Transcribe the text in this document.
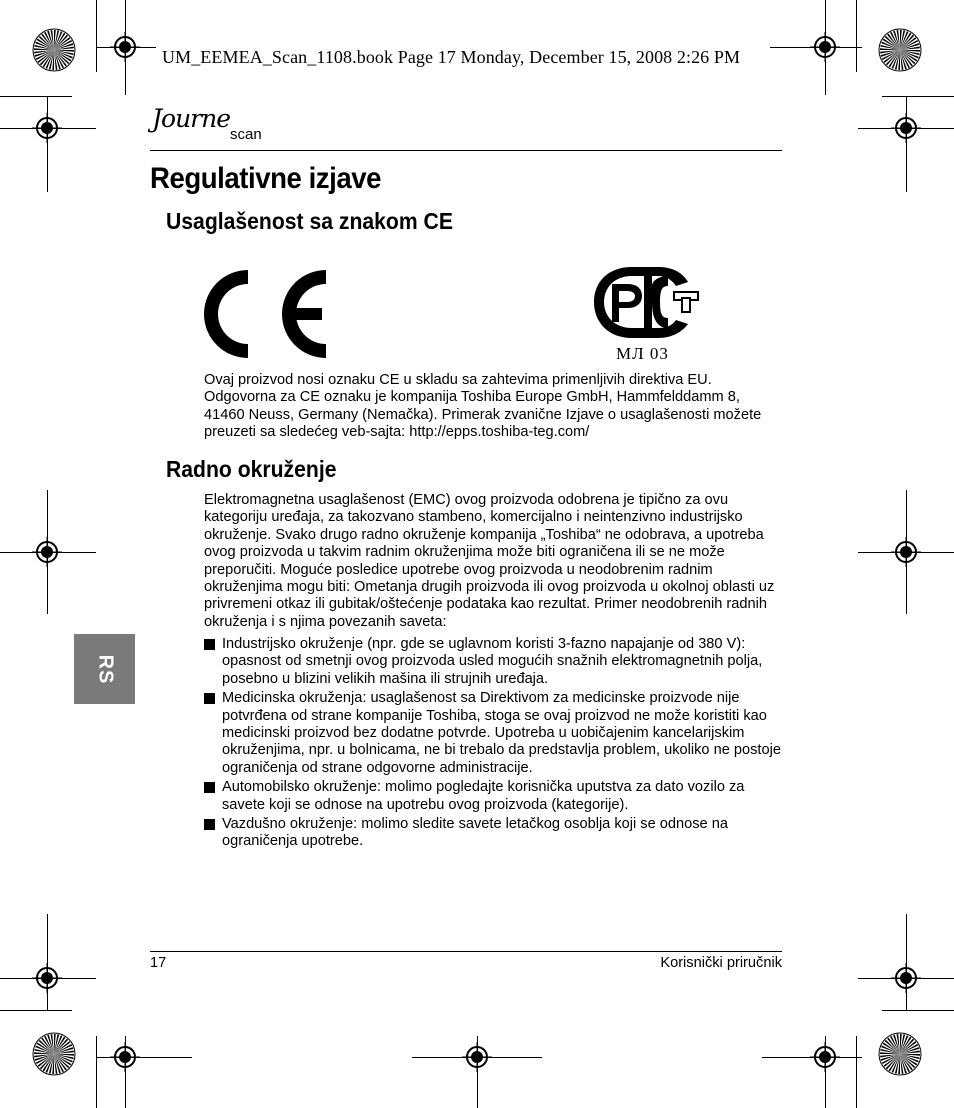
UM_EEMEA_Scan_1108.book Page 17 Monday, December 15, 2008 2:26 PM
Journe
scan
Regulativne izjave
Usaglašenost sa znakom CE
МЛ 03

Ovaj proizvod nosi oznaku CE u skladu sa zahtevima primenljivih direktiva EU. Odgovorna za CE oznaku je kompanija Toshiba Europe GmbH, Hammfelddamm 8, 41460 Neuss, Germany (Nemačka). Primerak zvanične Izjave o usaglašenosti možete preuzeti sa sledećeg veb-sajta: http://epps.toshiba-teg.com/

Radno okruženje

Elektromagnetna usaglašenost (EMC) ovog proizvoda odobrena je tipično za ovu kategoriju uređaja, za takozvano stambeno, komercijalno i neintenzivno industrijsko okruženje. Svako drugo radno okruženje kompanija „Toshiba“ ne odobrava, a upotreba ovog proizvoda u takvim radnim okruženjima može biti ograničena ili se ne može preporučiti. Moguće posledice upotrebe ovog proizvoda u neodobrenim radnim okruženjima mogu biti: Ometanja drugih proizvoda ili ovog proizvoda u okolnoj oblasti uz privremeni otkaz ili gubitak/oštećenje podataka kao rezultat. Primer neodobrenih radnih okruženja i s njima povezanih saveta:

Industrijsko okruženje (npr. gde se uglavnom koristi 3-fazno napajanje od 380 V): opasnost od smetnji ovog proizvoda usled mogućih snažnih elektromagnetnih polja, posebno u blizini velikih mašina ili strujnih uređaja.
Medicinska okruženja: usaglašenost sa Direktivom za medicinske proizvode nije potvrđena od strane kompanije Toshiba, stoga se ovaj proizvod ne može koristiti kao medicinski proizvod bez dodatne potvrde. Upotreba u uobičajenim kancelarijskim okruženjima, npr. u bolnicama, ne bi trebalo da predstavlja problem, ukoliko ne postoje ograničenja od strane odgovorne administracije.
Automobilsko okruženje: molimo pogledajte korisnička uputstva za dato vozilo za savete koji se odnose na upotrebu ovog proizvoda (kategorije).
Vazdušno okruženje: molimo sledite savete letačkog osoblja koji se odnose na ograničenja upotrebe.
RS
17	Korisnički priručnik
